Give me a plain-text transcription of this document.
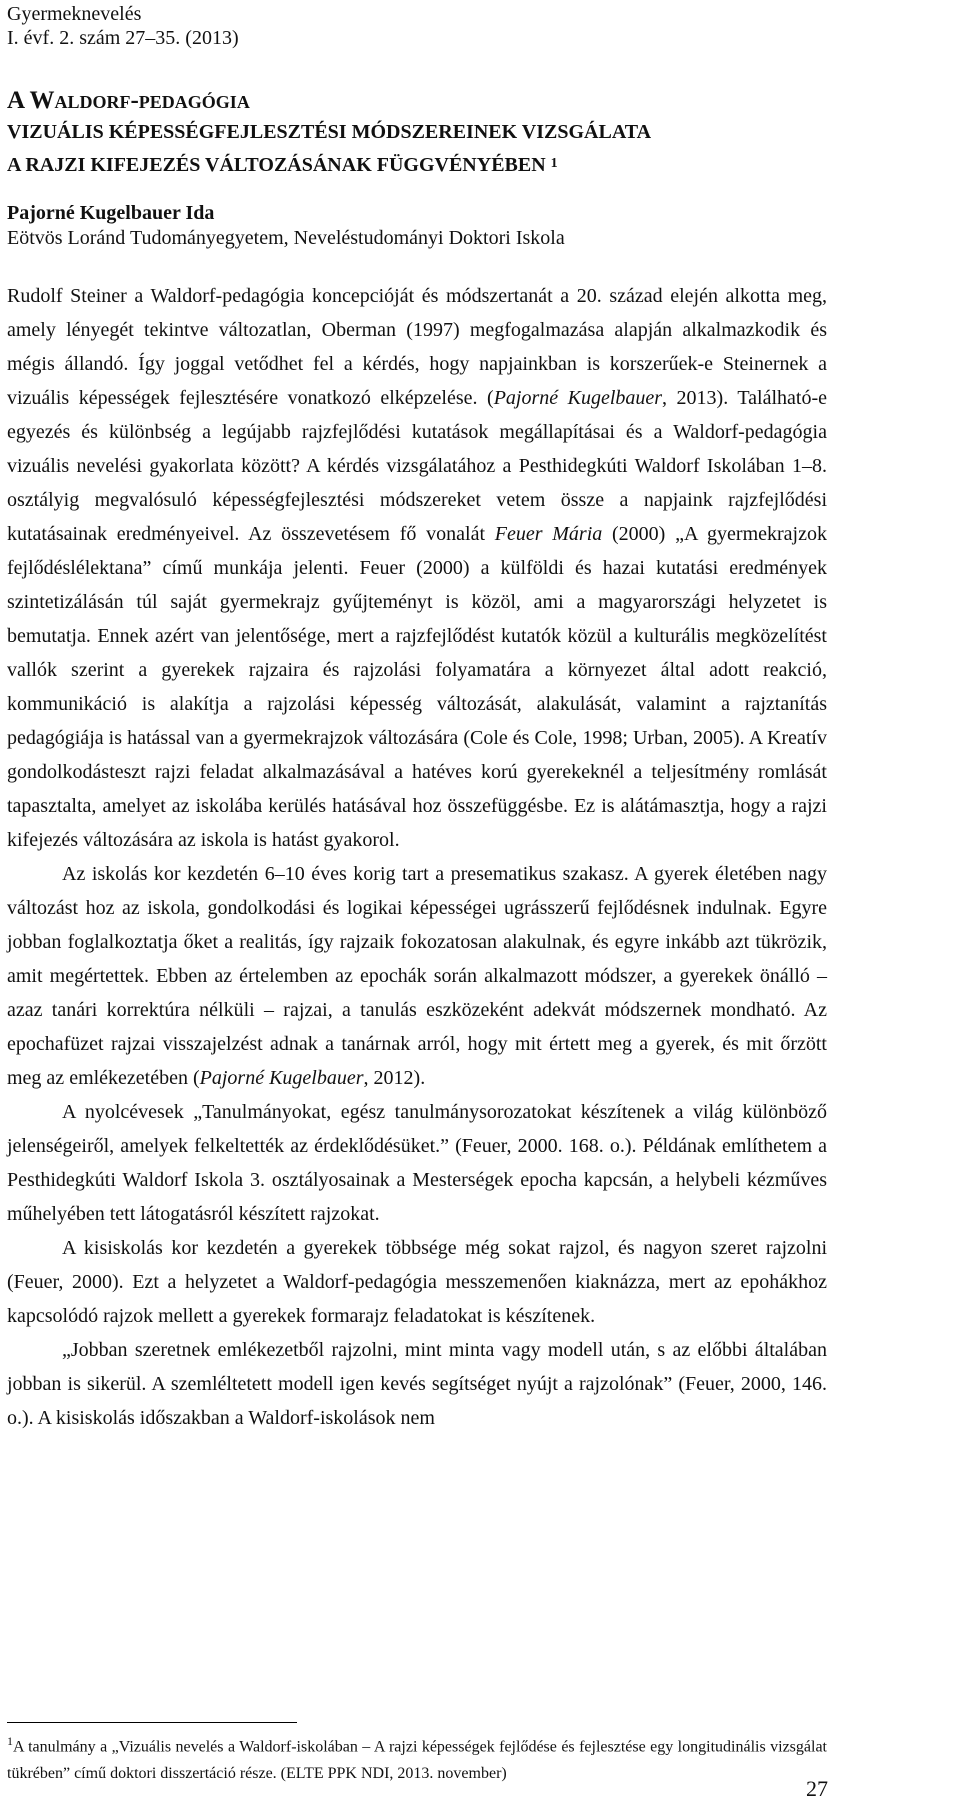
Gyermeknevelés
I. évf. 2. szám 27–35. (2013)
A Waldorf-pedagógia
VIZUÁLIS KÉPESSÉGFEJLESZTÉSI MÓDSZEREINEK VIZSGÁLATA
A RAJZI KIFEJEZÉS VÁLTOZÁSÁNAK FÜGGVÉNYÉBEN $^1$
Pajorné Kugelbauer Ida
Eötvös Loránd Tudományegyetem, Neveléstudományi Doktori Iskola

Rudolf Steiner a Waldorf-pedagógia koncepcióját és módszertanát a 20. század elején alkotta meg, amely lényegét tekintve változatlan, Oberman (1997) megfogalmazása alapján alkalmazkodik és mégis állandó. Így joggal vetődhet fel a kérdés, hogy napjainkban is korszerűek-e Steinernek a vizuális képességek fejlesztésére vonatkozó elképzelése. (Pajorné Kugelbauer, 2013). Található-e egyezés és különbség a legújabb rajzfejlődési kutatások megállapításai és a Waldorf-pedagógia vizuális nevelési gyakorlata között? A kérdés vizsgálatához a Pesthidegkúti Waldorf Iskolában 1–8. osztályig megvalósuló képességfejlesztési módszereket vetem össze a napjaink rajzfejlődési kutatásainak eredményeivel. Az összevetésem fő vonalát Feuer Mária (2000) „A gyermekrajzok fejlődéslélektana” című munkája jelenti. Feuer (2000) a külföldi és hazai kutatási eredmények szintetizálásán túl saját gyermekrajz gyűjteményt is közöl, ami a magyarországi helyzetet is bemutatja. Ennek azért van jelentősége, mert a rajzfejlődést kutatók közül a kulturális megközelítést vallók szerint a gyerekek rajzaira és rajzolási folyamatára a környezet által adott reakció, kommunikáció is alakítja a rajzolási képesség változását, alakulását, valamint a rajztanítás pedagógiája is hatással van a gyermekrajzok változására (Cole és Cole, 1998; Urban, 2005). A Kreatív gondolkodásteszt rajzi feladat alkalmazásával a hatéves korú gyerekeknél a teljesítmény romlását tapasztalta, amelyet az iskolába kerülés hatásával hoz összefüggésbe. Ez is alátámasztja, hogy a rajzi kifejezés változására az iskola is hatást gyakorol.

Az iskolás kor kezdetén 6–10 éves korig tart a presematikus szakasz. A gyerek életében nagy változást hoz az iskola, gondolkodási és logikai képességei ugrásszerű fejlődésnek indulnak. Egyre jobban foglalkoztatja őket a realitás, így rajzaik fokozatosan alakulnak, és egyre inkább azt tükrözik, amit megértettek. Ebben az értelemben az epochák során alkalmazott módszer, a gyerekek önálló – azaz tanári korrektúra nélküli – rajzai, a tanulás eszközeként adekvát módszernek mondható. Az epochafüzet rajzai visszajelzést adnak a tanárnak arról, hogy mit értett meg a gyerek, és mit őrzött meg az emlékezetében (Pajorné Kugelbauer, 2012).

A nyolcévesek „Tanulmányokat, egész tanulmánysorozatokat készítenek a világ különböző jelenségeiről, amelyek felkeltették az érdeklődésüket.” (Feuer, 2000. 168. o.). Példának említhetem a Pesthidegkúti Waldorf Iskola 3. osztályosainak a Mesterségek epocha kapcsán, a helybeli kézműves műhelyében tett látogatásról készített rajzokat.

A kisiskolás kor kezdetén a gyerekek többsége még sokat rajzol, és nagyon szeret rajzolni (Feuer, 2000). Ezt a helyzetet a Waldorf-pedagógia messzemenően kiaknázza, mert az epohákhoz kapcsolódó rajzok mellett a gyerekek formarajz feladatokat is készítenek.

„Jobban szeretnek emlékezetből rajzolni, mint minta vagy modell után, s az előbbi általában jobban is sikerül. A szemléltetett modell igen kevés segítséget nyújt a rajzolónak” (Feuer, 2000, 146. o.). A kisiskolás időszakban a Waldorf-iskolások nem

$^1$A tanulmány a „Vizuális nevelés a Waldorf-iskolában – A rajzi képességek fejlődése és fejlesztése egy longitudinális vizsgálat tükrében” című doktori disszertáció része. (ELTE PPK NDI, 2013. november)
27
